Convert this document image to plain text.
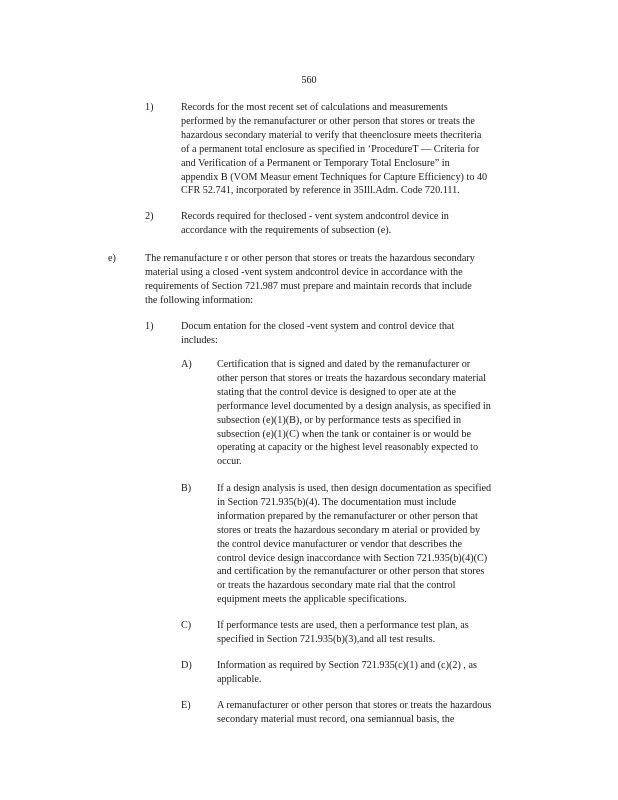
560
1)	Records for the most recent set of calculations and measurements
performed by the remanufacturer or other person that stores or treats the
hazardous secondary material to verify that theenclosure meets thecriteria
of a permanent total enclosure as specified in ‘ProcedureT — Criteria for
and Verification of a Permanent or Temporary Total Enclosure” in
appendix B (VOM Measur ement Techniques for Capture Efficiency) to 40
CFR 52.741, incorporated by reference in 35Ill.Adm. Code 720.111.
2)	Records required for theclosed - vent system andcontrol device in
accordance with the requirements of subsection (e).
e)	The remanufacture r or other person that stores or treats the hazardous secondary
material using a closed -vent system andcontrol device in accordance with the
requirements of Section 721.987 must prepare and maintain records that include
the following information:
1)	Docum entation for the closed -vent system and control device that
includes:
A) Certification that is signed and dated by the remanufacturer or
other person that stores or treats the hazardous secondary material
stating that the control device is designed to oper ate at the
performance level documented by a design analysis, as specified in
subsection (e)(1)(B), or by performance tests as specified in
subsection (e)(1)(C) when the tank or container is or would be
operating at capacity or the highest level reasonably expected to
occur.
B)	If a design analysis is used, then design documentation as specified
in Section 721.935(b)(4). The documentation must include
information prepared by the remanufacturer or other person that
stores or treats the hazardous secondary m aterial or provided by
the control device manufacturer or vendor that describes the
control device design inaccordance with Section 721.935(b)(4)(C)
and certification by the remanufacturer or other person that stores
or treats the hazardous secondary mate rial that the control
equipment meets the applicable specifications.
C)	If performance tests are used, then a performance test plan, as
specified in Section 721.935(b)(3),and all test results.
D) Information as required by Section 721.935(c)(1) and (c)(2) , as
applicable.
E)	A remanufacturer or other person that stores or treats the hazardous
secondary material must record, ona semiannual basis, the
